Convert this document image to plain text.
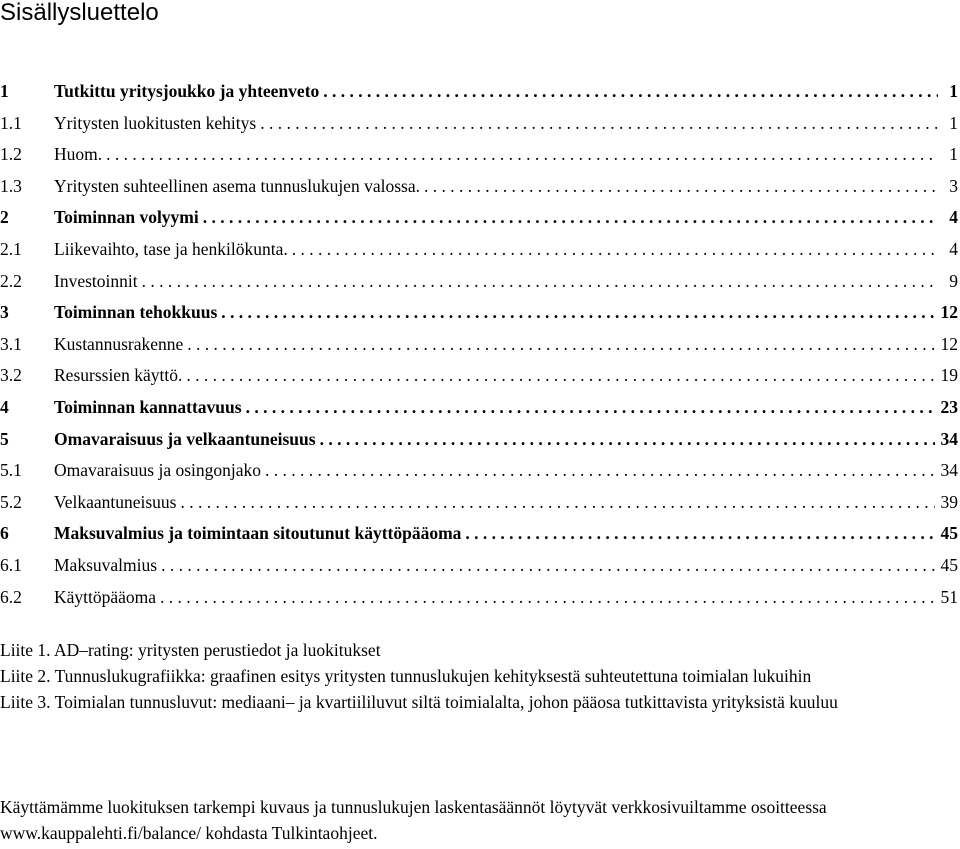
Sisällysluettelo
1	Tutkittu yritysjoukko ja yhteenveto . . .	1
1.1	Yritysten luokitusten kehitys . . .	1
1.2	Huom. . . .	1
1.3	Yritysten suhteellinen asema tunnuslukujen valossa. . . .	3
2	Toiminnan volyymi . . .	4
2.1	Liikevaihto, tase ja henkilökunta. . . .	4
2.2	Investoinnit . . .	9
3	Toiminnan tehokkuus . . .	12
3.1	Kustannusrakenne . . .	12
3.2	Resurssien käyttö. . . .	19
4	Toiminnan kannattavuus . . .	23
5	Omavaraisuus ja velkaantuneisuus . . .	34
5.1	Omavaraisuus ja osingonjako . . .	34
5.2	Velkaantuneisuus . . .	39
6	Maksuvalmius ja toimintaan sitoutunut käyttöpääoma . . .	45
6.1	Maksuvalmius . . .	45
6.2	Käyttöpääoma . . .	51

Liite 1. AD–rating: yritysten perustiedot ja luokitukset

Liite 2. Tunnuslukugrafiikka: graafinen esitys yritysten tunnuslukujen kehityksestä suhteutettuna toimialan lukuihin

Liite 3. Toimialan tunnusluvut: mediaani– ja kvartiililuvut siltä toimialalta, johon pääosa tutkittavista yrityksistä kuuluu

Käyttämämme luokituksen tarkempi kuvaus ja tunnuslukujen laskentasäännöt löytyvät verkkosivuiltamme osoitteessa www.kauppalehti.fi/balance/ kohdasta Tulkintaohjeet.
